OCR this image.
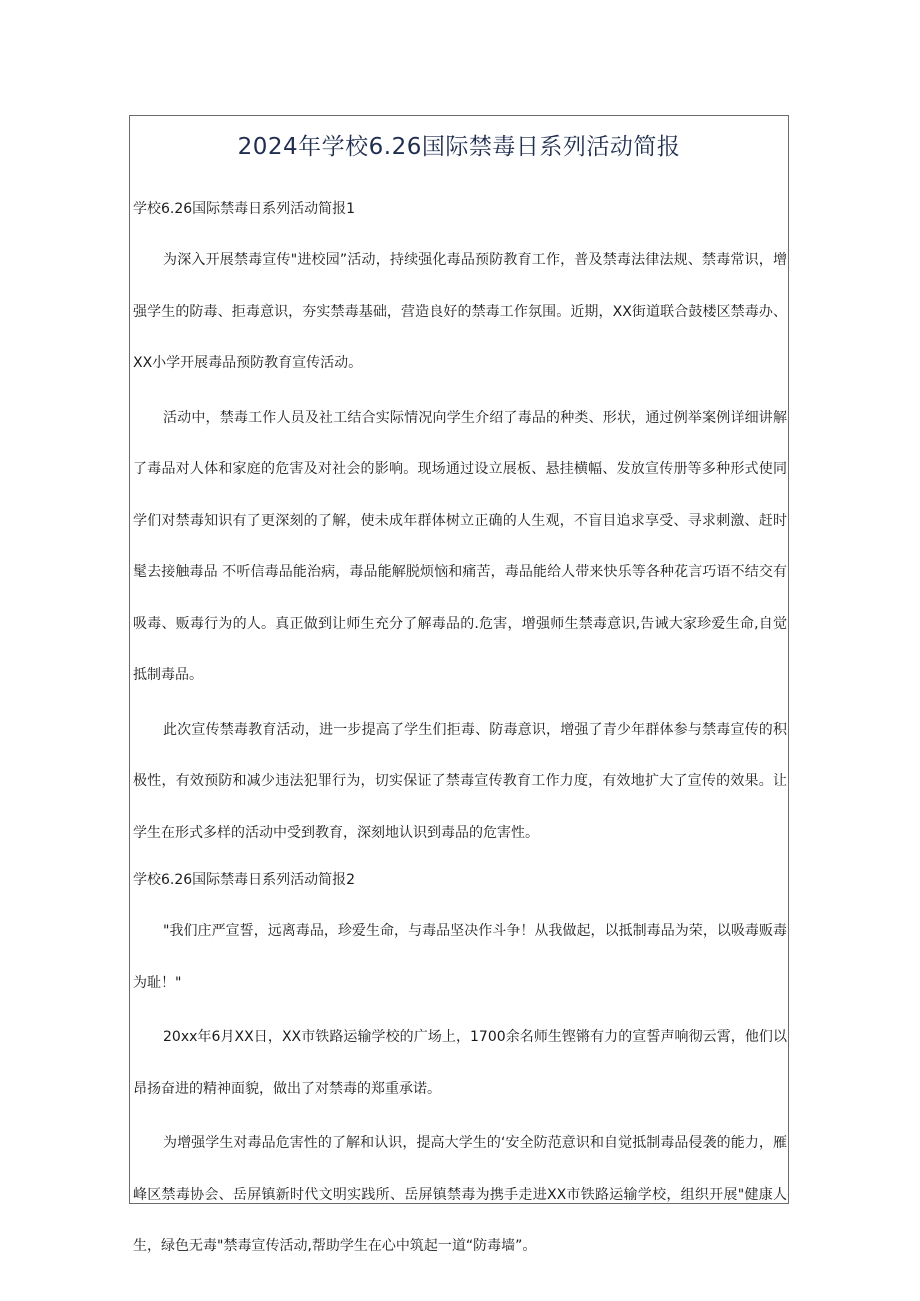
2024年学校6.26国际禁毒日系列活动简报

学校6.26国际禁毒日系列活动简报1

为深入开展禁毒宣传"进校园”活动，持续强化毒品预防教育工作，普及禁毒法律法规、禁毒常识，增强学生的防毒、拒毒意识，夯实禁毒基础，营造良好的禁毒工作氛围。近期，XX街道联合鼓楼区禁毒办、XX小学开展毒品预防教育宣传活动。

活动中，禁毒工作人员及社工结合实际情况向学生介绍了毒品的种类、形状，通过例举案例详细讲解了毒品对人体和家庭的危害及对社会的影响。现场通过设立展板、悬挂横幅、发放宣传册等多种形式使同学们对禁毒知识有了更深刻的了解，使未成年群体树立正确的人生观，不盲目追求享受、寻求刺激、赶时髦去接触毒品 不听信毒品能治病，毒品能解脱烦恼和痛苦，毒品能给人带来快乐等各种花言巧语不结交有吸毒、贩毒行为的人。真正做到让师生充分了解毒品的.危害，增强师生禁毒意识,告诫大家珍爱生命,自觉抵制毒品。

此次宣传禁毒教育活动，进一步提高了学生们拒毒、防毒意识，增强了青少年群体参与禁毒宣传的积极性，有效预防和减少违法犯罪行为，切实保证了禁毒宣传教育工作力度，有效地扩大了宣传的效果。让学生在形式多样的活动中受到教育，深刻地认识到毒品的危害性。

学校6.26国际禁毒日系列活动简报2

"我们庄严宣誓，远离毒品，珍爱生命，与毒品坚决作斗争！从我做起，以抵制毒品为荣，以吸毒贩毒为耻！"

20xx年6月XX日，XX市铁路运输学校的广场上，1700余名师生铿锵有力的宣誓声响彻云霄，他们以昂扬奋进的精神面貌，做出了对禁毒的郑重承诺。

为增强学生对毒品危害性的了解和认识，提高大学生的‘安全防范意识和自觉抵制毒品侵袭的能力，雁峰区禁毒协会、岳屏镇新时代文明实践所、岳屏镇禁毒为携手走进XX市铁路运输学校，组织开展"健康人生，绿色无毒"禁毒宣传活动,帮助学生在心中筑起一道“防毒墙”。
